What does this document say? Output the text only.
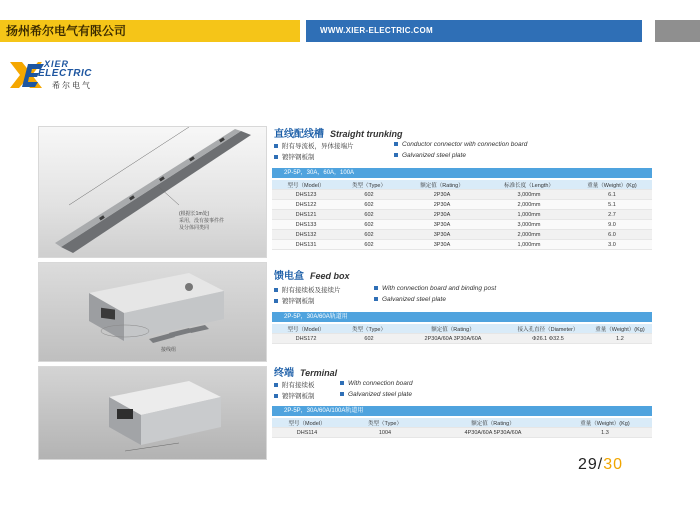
扬州希尔电气有限公司	WWW.XIER-ELECTRIC.COM
XIER
ELECTRIC
希尔电气
(根据长1m处)
采用，没有接事件件
及分体同类同
接线组
直线配线槽 Straight trunking
附有导流板，异体接端片
镀锌钢板制
Conductor connector with connection board
Galvanized steel plate
2P-5P，30A，60A，100A
型号（Model）	类型（Type）	额定值（Rating）	标准长度（Length）	重量（Weight）(Kg)
DHS123	602	2P30A	3,000mm	6.1
DHS122	602	2P30A	2,000mm	5.1
DHS121	602	2P30A	1,000mm	2.7
DHS133	602	3P30A	3,000mm	9.0
DHS132	602	3P30A	2,000mm	6.0
DHS131	602	3P30A	1,000mm	3.0
馈电盒 Feed box
附有接续板及接续片
镀锌钢板制
With connection board and binding post
Galvanized steel plate
2P-5P，30A/60A轨道用
型号（Model）	类型（Type）	额定值（Rating）	接入孔直径（Diameter）	重量（Weight）(Kg)
DHS172	602	2P30A/60A 3P30A/60A	Φ26.1 Φ32.5	1.2
终端 Terminal
附有接续板
镀锌钢板制
With connection board
Galvanized steel plate
2P-5P，30A/60A/100A轨道用
型号（Model）	类型（Type）	额定值（Rating）	重量（Weight）(Kg)
DHS114	1004	4P30A/60A 5P30A/60A	1.3
29/30
